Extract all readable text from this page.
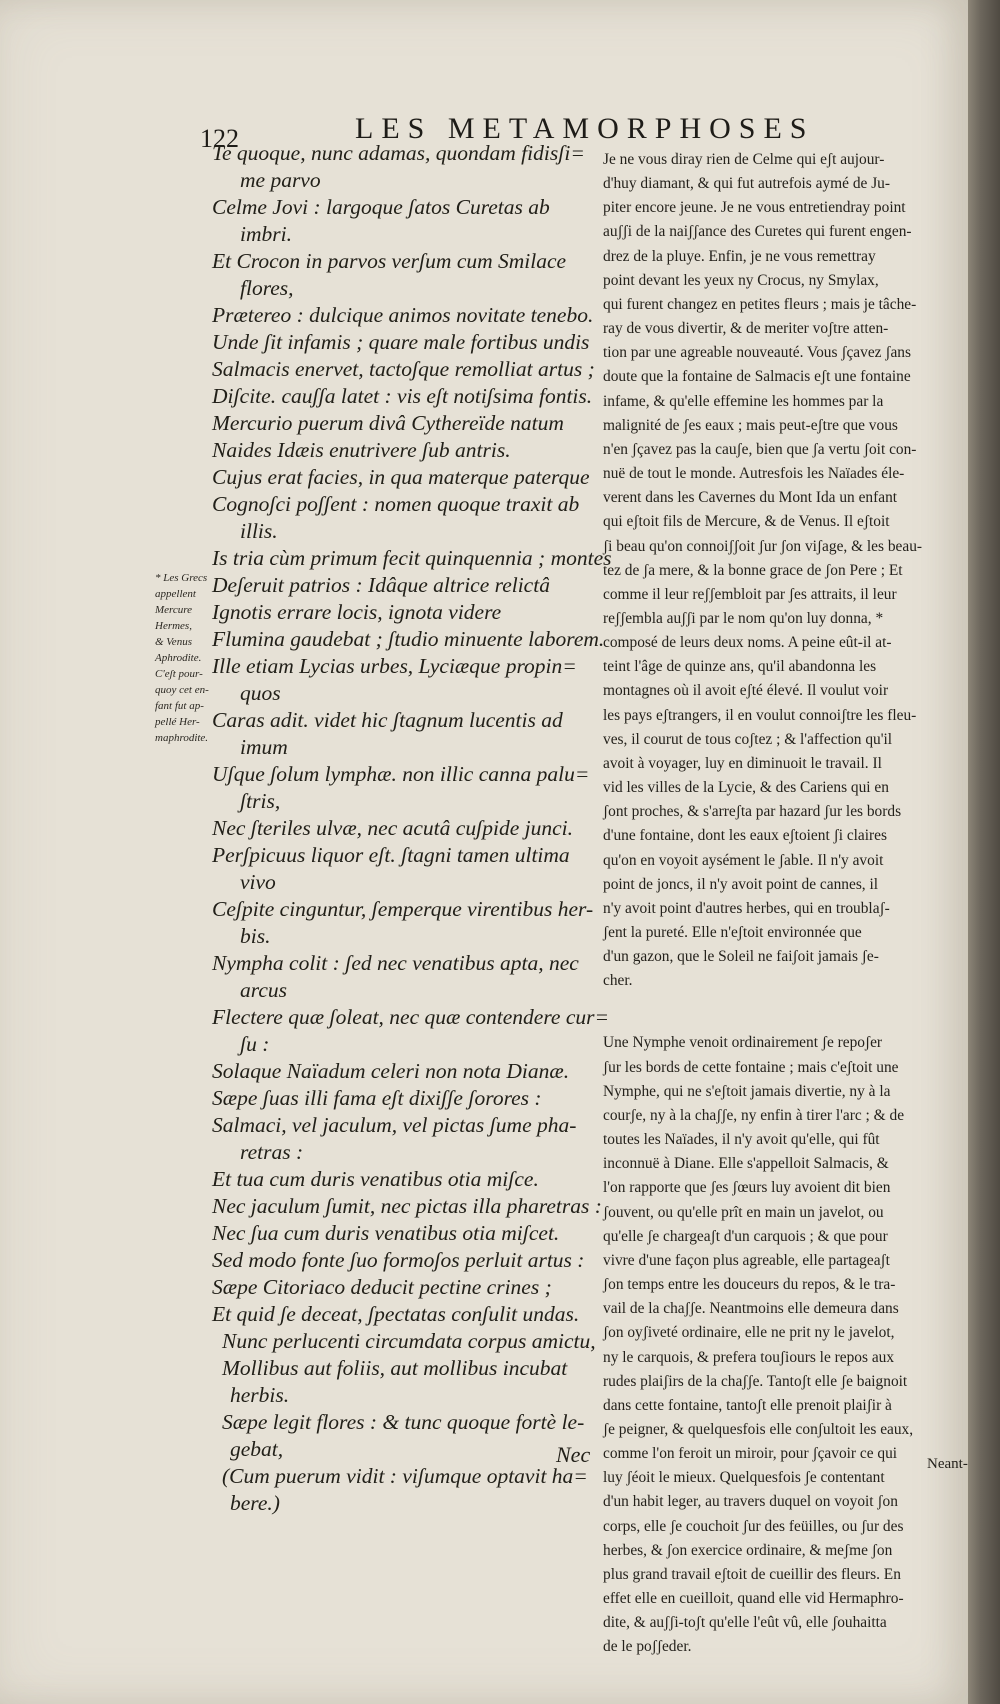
122	LES METAMORPHOSES
Te quoque, nunc adamas, quondam fidisʃi=
me parvo
Celme Jovi : largoque ʃatos Curetas ab
imbri.
Et Crocon in parvos verʃum cum Smilace
flores,
Prætereo : dulcique animos novitate tenebo.
Unde ʃit infamis ; quare male fortibus undis
Salmacis enervet, tactoʃque remolliat artus ;
Diʃcite. cauʃʃa latet : vis eʃt notiʃsima fontis.
Mercurio puerum divâ Cythereïde natum
Naides Idæis enutrivere ʃub antris.
Cujus erat facies, in qua materque paterque
Cognoʃci poʃʃent : nomen quoque traxit ab
illis.
Is tria cùm primum fecit quinquennia ; montes
Deʃeruit patrios : Idâque altrice relictâ
Ignotis errare locis, ignota videre
Flumina gaudebat ; ʃtudio minuente laborem.
Ille etiam Lycias urbes, Lyciæque propin=
quos
Caras adit. videt hic ʃtagnum lucentis ad
imum
Uʃque ʃolum lymphæ. non illic canna palu=
ʃtris,
Nec ʃteriles ulvæ, nec acutâ cuʃpide junci.
Perʃpicuus liquor eʃt. ʃtagni tamen ultima
vivo
Ceʃpite cinguntur, ʃemperque virentibus her-
bis.
Nympha colit : ʃed nec venatibus apta, nec
arcus
Flectere quæ ʃoleat, nec quæ contendere cur=
ʃu :
Solaque Naïadum celeri non nota Dianæ.
Sæpe ʃuas illi fama eʃt dixiʃʃe ʃorores :
Salmaci, vel jaculum, vel pictas ʃume pha-
retras :
Et tua cum duris venatibus otia miʃce.
Nec jaculum ʃumit, nec pictas illa pharetras :
Nec ʃua cum duris venatibus otia miʃcet.
Sed modo fonte ʃuo formoʃos perluit artus :
Sæpe Citoriaco deducit pectine crines ;
Et quid ʃe deceat, ʃpectatas conʃulit undas.
Nunc perlucenti circumdata corpus amictu,
Mollibus aut foliis, aut mollibus incubat
herbis.
Sæpe legit flores : & tunc quoque fortè le-
gebat,
(Cum puerum vidit : viʃumque optavit ha=
bere.)
* Les Grecs
appellent
Mercure
Hermes,
& Venus
Aphrodite.
C'eʃt pour-
quoy cet en-
fant fut ap-
pellé Her-
maphrodite.
Nec
Je ne vous diray rien de Celme qui eʃt aujour-
d'huy diamant, & qui fut autrefois aymé de Ju-
piter encore jeune. Je ne vous entretiendray point
auʃʃi de la naiʃʃance des Curetes qui furent engen-
drez de la pluye. Enfin, je ne vous remettray
point devant les yeux ny Crocus, ny Smylax,
qui furent changez en petites fleurs ; mais je tâche-
ray de vous divertir, & de meriter voʃtre atten-
tion par une agreable nouveauté. Vous ʃçavez ʃans
doute que la fontaine de Salmacis eʃt une fontaine
infame, & qu'elle effemine les hommes par la
malignité de ʃes eaux ; mais peut-eʃtre que vous
n'en ʃçavez pas la cauʃe, bien que ʃa vertu ʃoit con-
nuë de tout le monde. Autresfois les Naïades éle-
verent dans les Cavernes du Mont Ida un enfant
qui eʃtoit fils de Mercure, & de Venus. Il eʃtoit
ʃi beau qu'on connoiʃʃoit ʃur ʃon viʃage, & les beau-
tez de ʃa mere, & la bonne grace de ʃon Pere ; Et
comme il leur reʃʃembloit par ʃes attraits, il leur
reʃʃembla auʃʃi par le nom qu'on luy donna, *
composé de leurs deux noms. A peine eût-il at-
teint l'âge de quinze ans, qu'il abandonna les
montagnes où il avoit eʃté élevé. Il voulut voir
les pays eʃtrangers, il en voulut connoiʃtre les fleu-
ves, il courut de tous coʃtez ; & l'affection qu'il
avoit à voyager, luy en diminuoit le travail. Il
vid les villes de la Lycie, & des Cariens qui en
ʃont proches, & s'arreʃta par hazard ʃur les bords
d'une fontaine, dont les eaux eʃtoient ʃi claires
qu'on en voyoit aysément le ʃable. Il n'y avoit
point de joncs, il n'y avoit point de cannes, il
n'y avoit point d'autres herbes, qui en troublaʃ-
ʃent la pureté. Elle n'eʃtoit environnée que
d'un gazon, que le Soleil ne faiʃoit jamais ʃe-
cher.
Une Nymphe venoit ordinairement ʃe repoʃer
ʃur les bords de cette fontaine ; mais c'eʃtoit une
Nymphe, qui ne s'eʃtoit jamais divertie, ny à la
courʃe, ny à la chaʃʃe, ny enfin à tirer l'arc ; & de
toutes les Naïades, il n'y avoit qu'elle, qui fût
inconnuë à Diane. Elle s'appelloit Salmacis, &
l'on rapporte que ʃes ʃœurs luy avoient dit bien
ʃouvent, ou qu'elle prît en main un javelot, ou
qu'elle ʃe chargeaʃt d'un carquois ; & que pour
vivre d'une façon plus agreable, elle partageaʃt
ʃon temps entre les douceurs du repos, & le tra-
vail de la chaʃʃe. Neantmoins elle demeura dans
ʃon oyʃiveté ordinaire, elle ne prit ny le javelot,
ny le carquois, & prefera touʃiours le repos aux
rudes plaiʃirs de la chaʃʃe. Tantoʃt elle ʃe baignoit
dans cette fontaine, tantoʃt elle prenoit plaiʃir à
ʃe peigner, & quelquesfois elle conʃultoit les eaux,
comme l'on feroit un miroir, pour ʃçavoir ce qui
luy ʃéoit le mieux. Quelquesfois ʃe contentant
d'un habit leger, au travers duquel on voyoit ʃon
corps, elle ʃe couchoit ʃur des feüilles, ou ʃur des
herbes, & ʃon exercice ordinaire, & meʃme ʃon
plus grand travail eʃtoit de cueillir des fleurs. En
effet elle en cueilloit, quand elle vid Hermaphro-
dite, & auʃʃi-toʃt qu'elle l'eût vû, elle ʃouhaitta
de le poʃʃeder.
Neant-
